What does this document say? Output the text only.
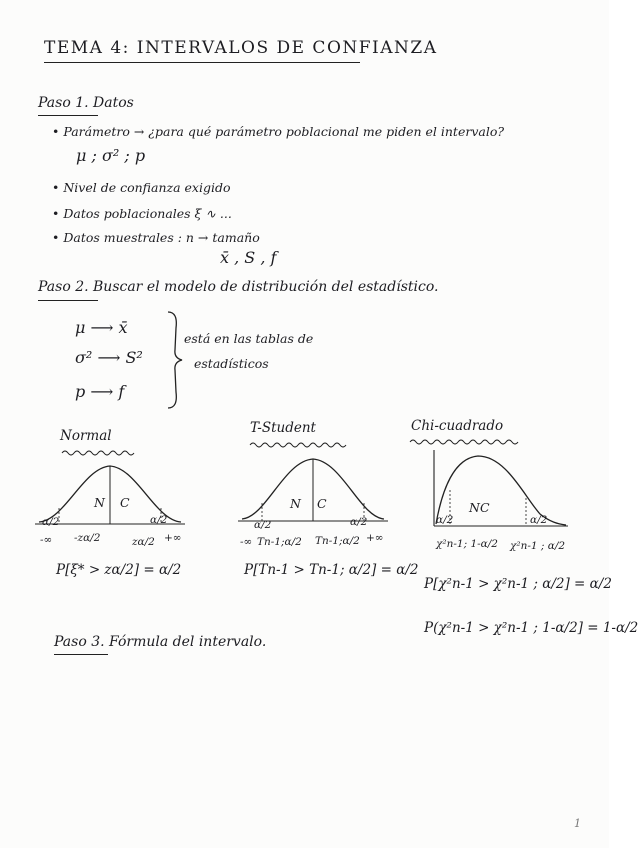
TEMA 4: INTERVALOS DE CONFIANZA
Paso 1. Datos
• Parámetro → ¿para qué parámetro poblacional me piden el intervalo?
μ ; σ² ; p
• Nivel de confianza exigido
• Datos poblacionales ξ ∿ ...
• Datos muestrales : n → tamaño
x̄ , S , f
Paso 2. Buscar el modelo de distribución del estadístico.
μ ⟶ x̄
σ² ⟶ S²
p ⟶ f
está en las tablas de
estadísticos
Normal
N C
α/2	α/2
-∞ -zα/2	zα/2 +∞
P[ξ* > zα/2] = α/2
T-Student
N C
α/2	α/2
-∞ Tn-1;α/2 Tn-1;α/2 +∞
P[Tn-1 > Tn-1; α/2] = α/2
Chi-cuadrado
NC
α/2	α/2
χ²n-1; 1-α/2 χ²n-1 ; α/2
P[χ²n-1 > χ²n-1 ; α/2] = α/2
P(χ²n-1 > χ²n-1 ; 1-α/2] = 1-α/2
Paso 3. Fórmula del intervalo.
1
